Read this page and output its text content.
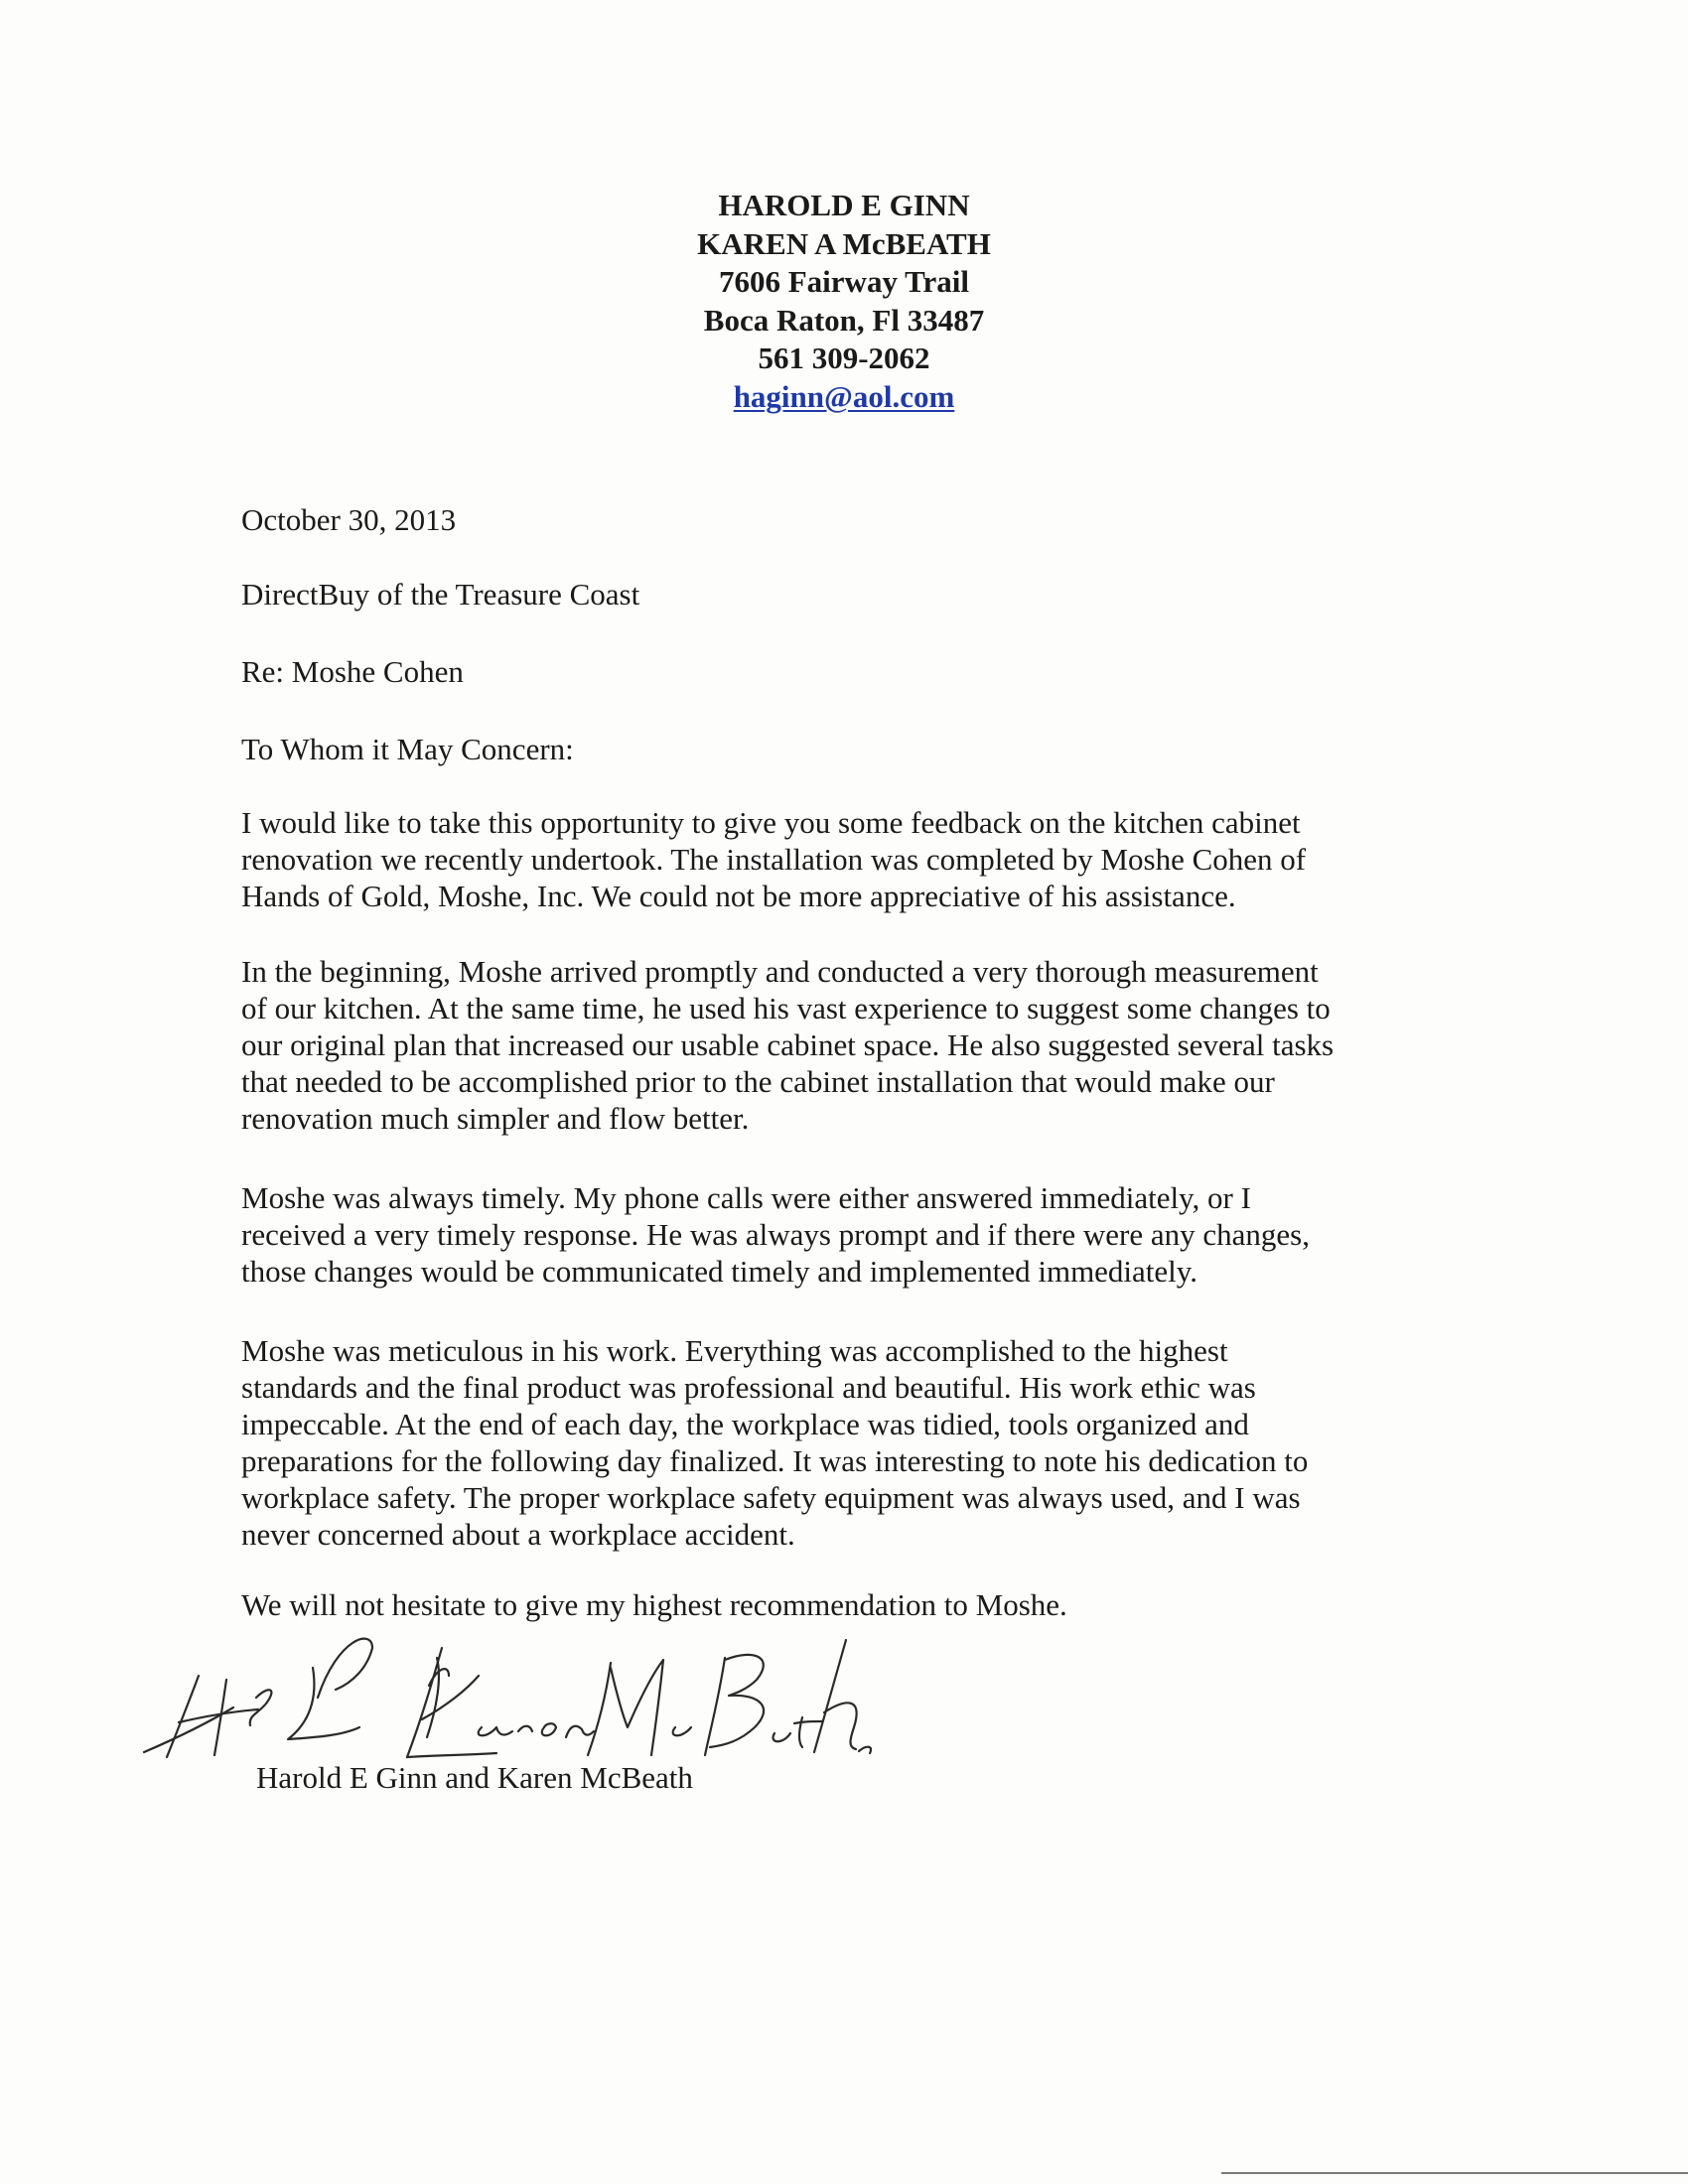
HAROLD E GINN
KAREN A McBEATH
7606 Fairway Trail
Boca Raton, Fl 33487
561 309-2062
haginn@aol.com
October 30, 2013
DirectBuy of the Treasure Coast
Re: Moshe Cohen
To Whom it May Concern:
I would like to take this opportunity to give you some feedback on the kitchen cabinet
renovation we recently undertook. The installation was completed by Moshe Cohen of
Hands of Gold, Moshe, Inc. We could not be more appreciative of his assistance.
In the beginning, Moshe arrived promptly and conducted a very thorough measurement
of our kitchen. At the same time, he used his vast experience to suggest some changes to
our original plan that increased our usable cabinet space. He also suggested several tasks
that needed to be accomplished prior to the cabinet installation that would make our
renovation much simpler and flow better.
Moshe was always timely. My phone calls were either answered immediately, or I
received a very timely response. He was always prompt and if there were any changes,
those changes would be communicated timely and implemented immediately.
Moshe was meticulous in his work. Everything was accomplished to the highest
standards and the final product was professional and beautiful. His work ethic was
impeccable. At the end of each day, the workplace was tidied, tools organized and
preparations for the following day finalized. It was interesting to note his dedication to
workplace safety. The proper workplace safety equipment was always used, and I was
never concerned about a workplace accident.
We will not hesitate to give my highest recommendation to Moshe.
Harold E Ginn and Karen McBeath
